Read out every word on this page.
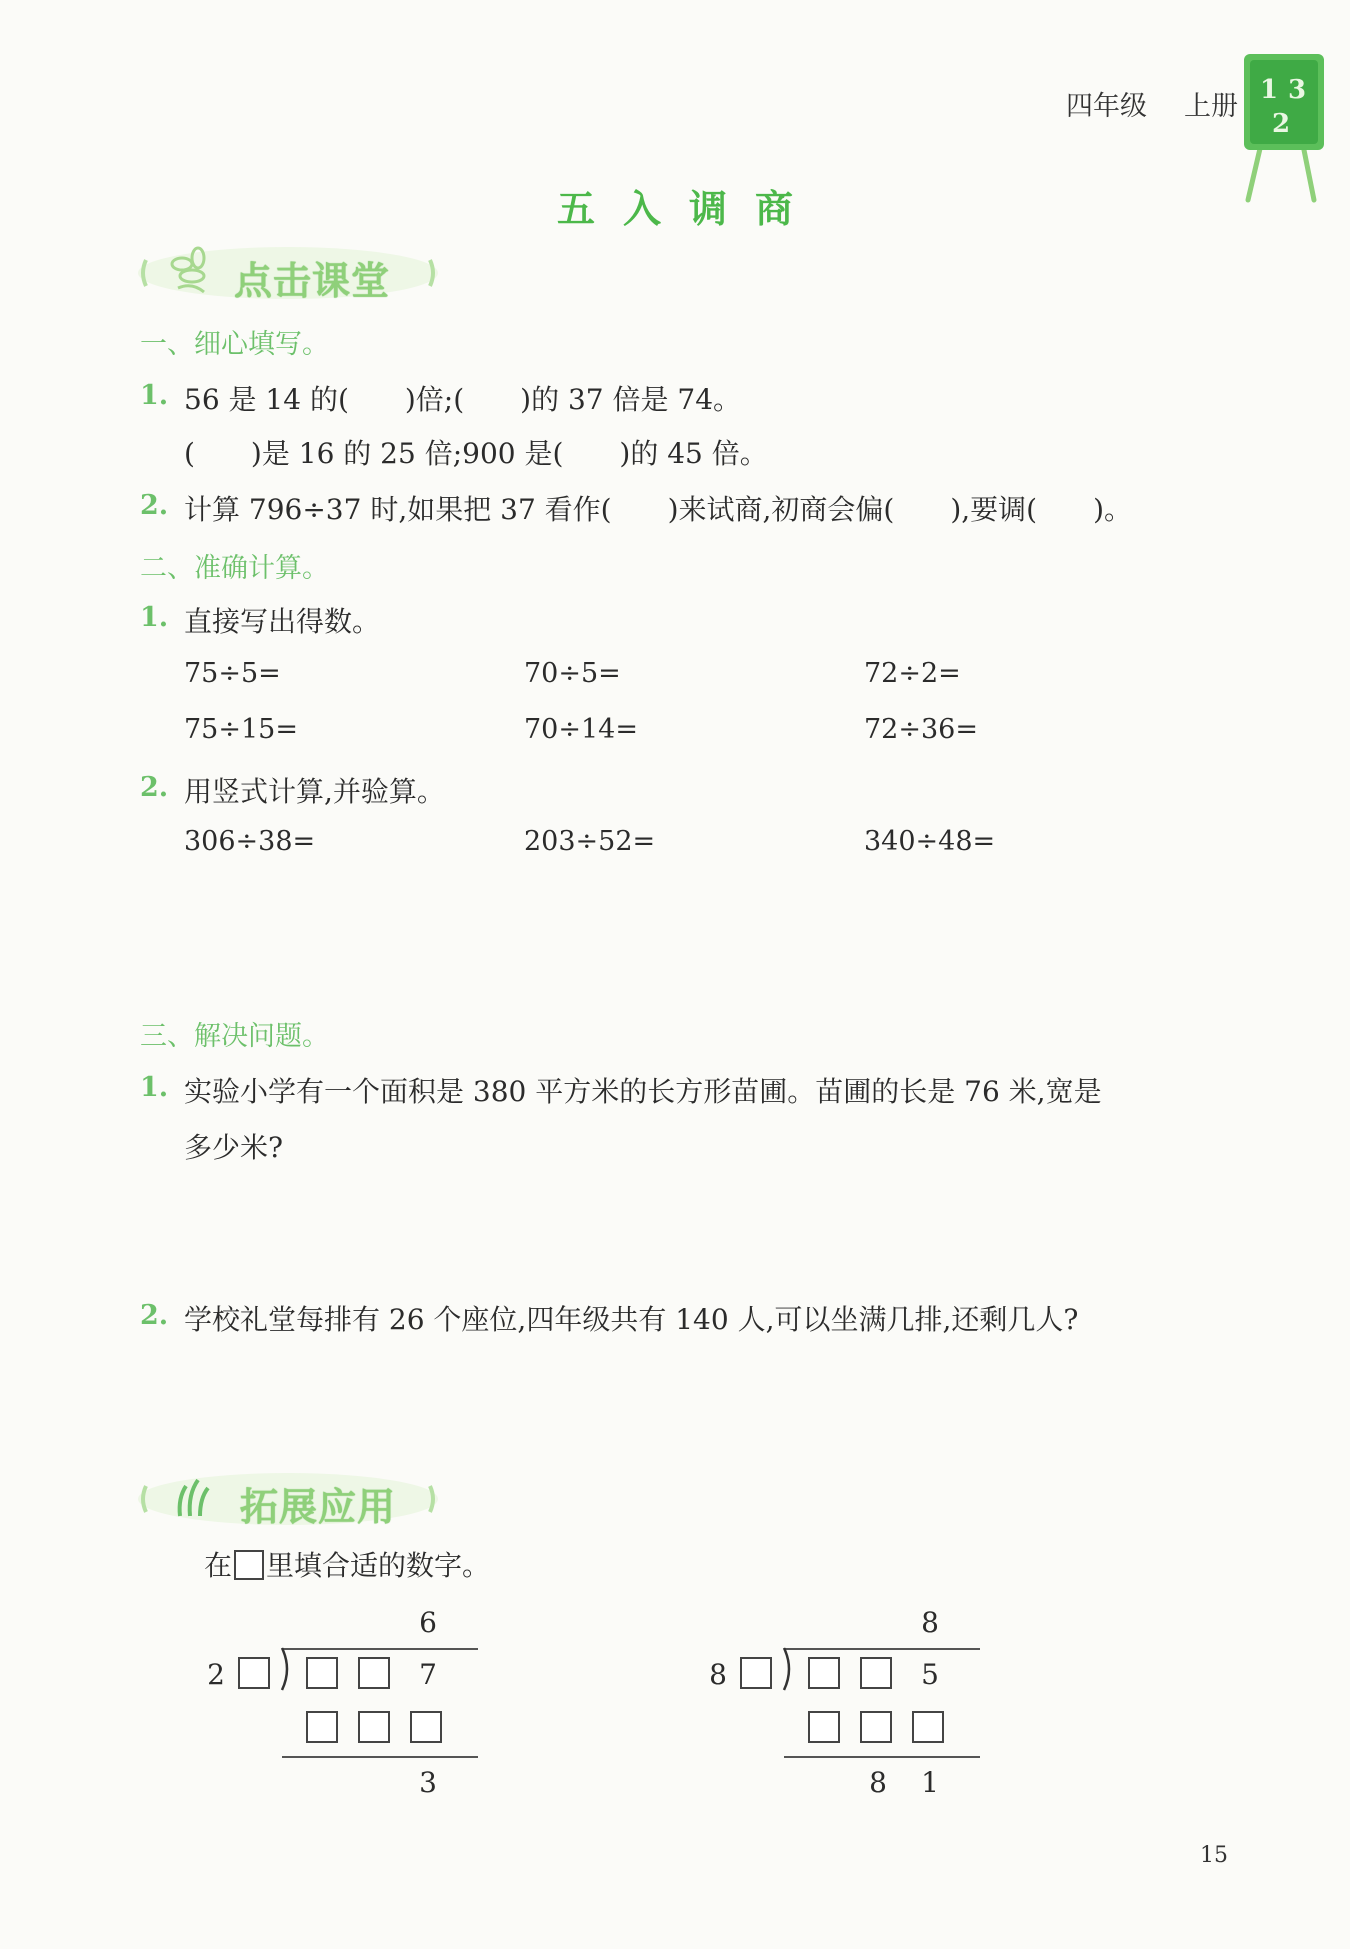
四年级 上册
1 3
2
五入调商
点击课堂
一、细心填写。
1. 56 是 14 的(　　)倍;(　　)的 37 倍是 74。
(　　)是 16 的 25 倍;900 是(　　)的 45 倍。
2. 计算 796÷37 时,如果把 37 看作(　　)来试商,初商会偏(　　),要调(　　)。
二、准确计算。
1. 直接写出得数。
75÷5=	70÷5=	72÷2=
75÷15=	70÷14=	72÷36=
2. 用竖式计算,并验算。
306÷38=	203÷52=	340÷48=
三、解决问题。
1. 实验小学有一个面积是 380 平方米的长方形苗圃。苗圃的长是 76 米,宽是
多少米?
2. 学校礼堂每排有 26 个座位,四年级共有 140 人,可以坐满几排,还剩几人?
拓展应用
在 里填合适的数字。
6
2	7
3
8
8	5
8 1
15
